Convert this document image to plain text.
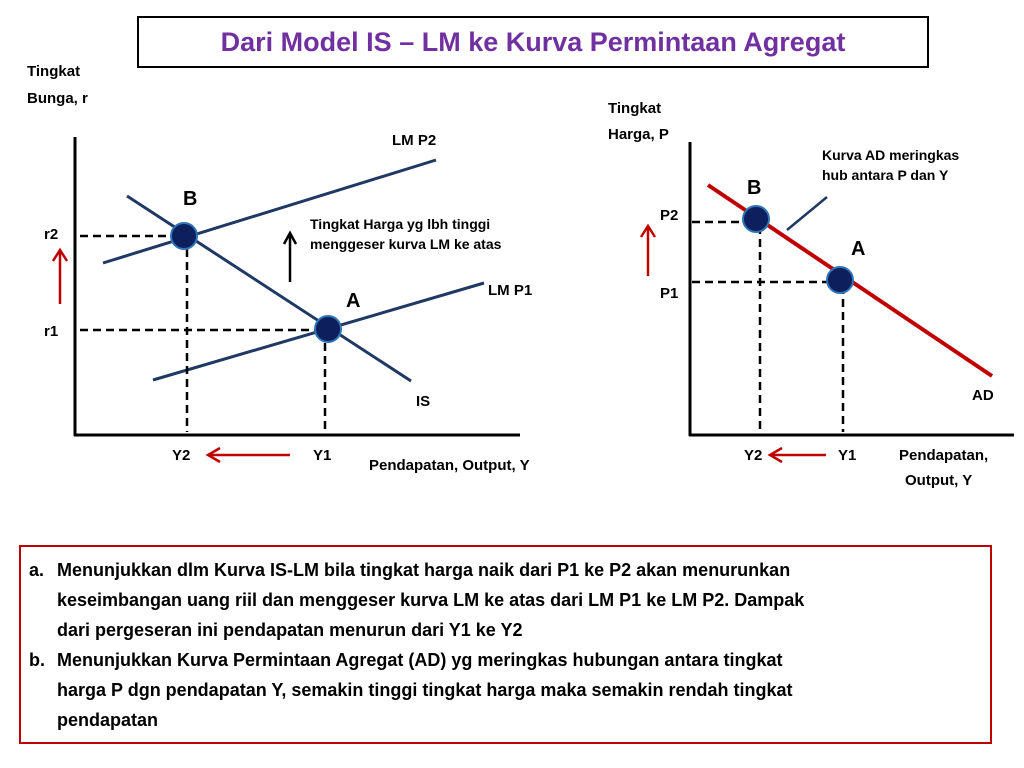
Dari Model IS – LM ke Kurva Permintaan Agregat
Tingkat
Bunga, r
LM P2
LM P1
IS
B
A
r2
r1
Y2	Y1
Pendapatan, Output, Y
Tingkat Harga yg lbh tinggi
menggeser kurva LM ke atas
Tingkat
Harga, P
Kurva AD meringkas
hub antara P dan Y
B
A
P2
P1
AD
Y2	Y1	Pendapatan,
Output, Y
a. Menunjukkan dlm Kurva IS-LM bila tingkat harga naik dari P1 ke P2 akan menurunkan
keseimbangan uang riil dan menggeser kurva LM ke atas dari LM P1 ke LM P2. Dampak
dari pergeseran ini pendapatan menurun dari Y1 ke Y2
b. Menunjukkan Kurva Permintaan Agregat (AD) yg meringkas hubungan antara tingkat
harga P dgn pendapatan Y, semakin tinggi tingkat harga maka semakin rendah tingkat
pendapatan
